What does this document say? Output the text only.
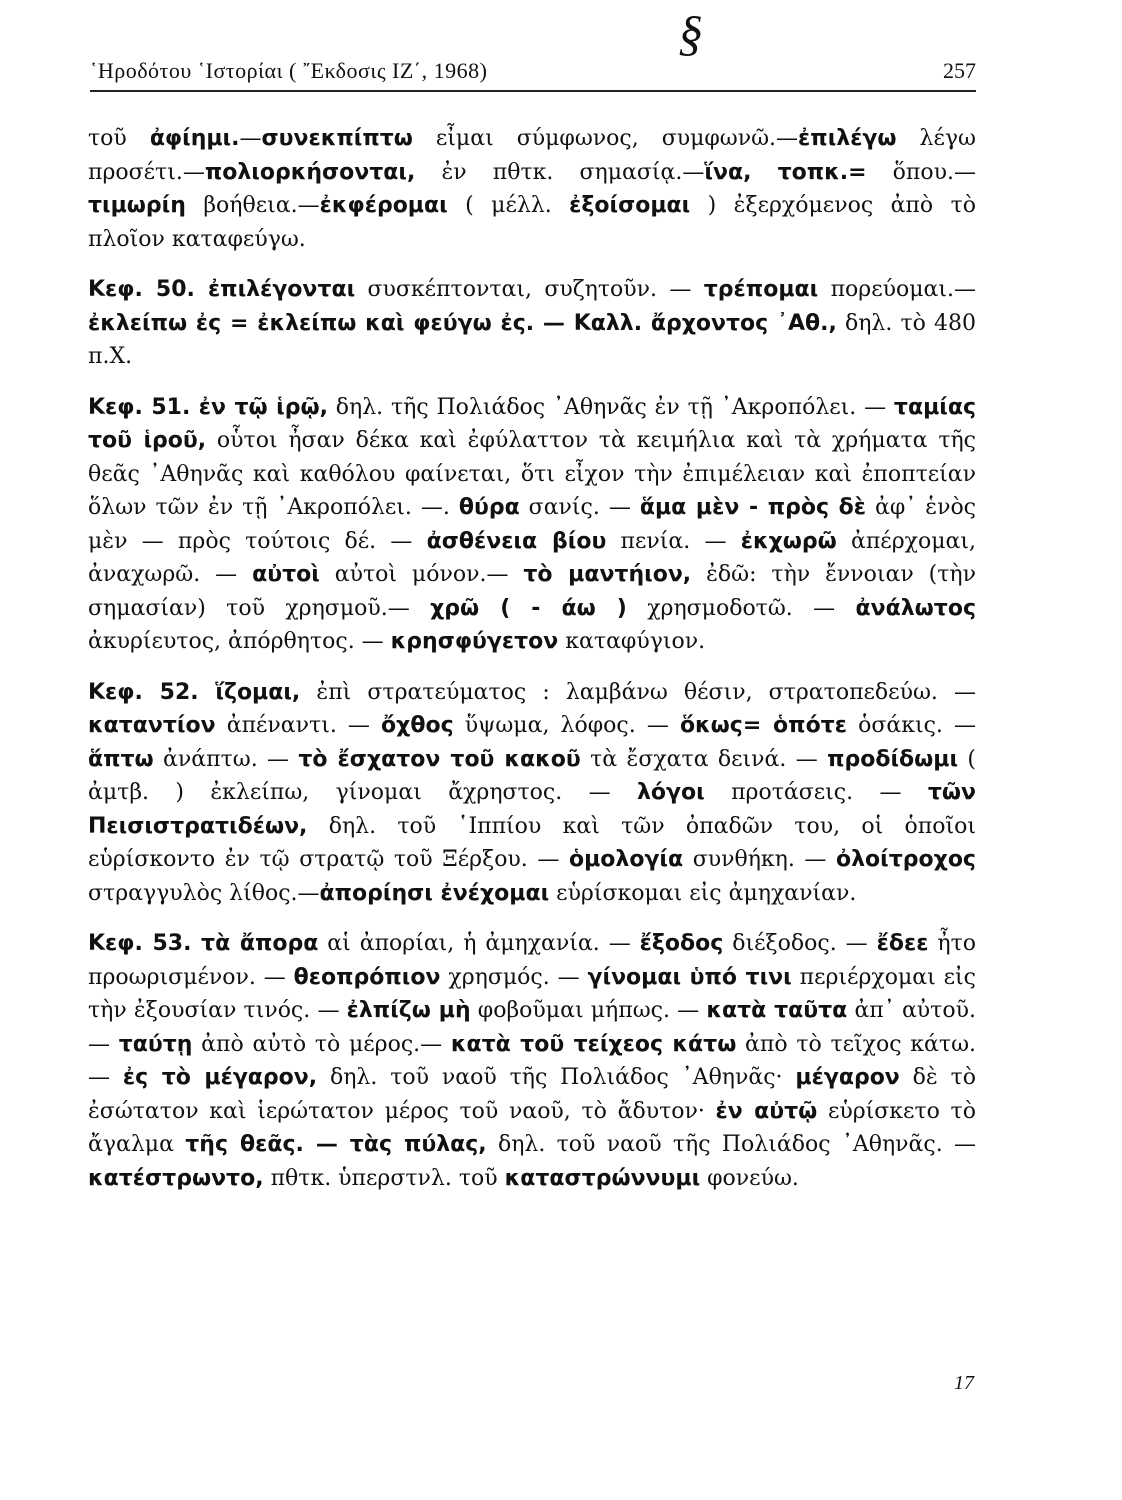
῾Ηροδότου ῾Ιστορίαι ( ῎Εκδοσις ΙΖ΄, 1968)
§
257

τοῦ ἀφίημι.—συνεκπίπτω εἶμαι σύμφωνος, συμφωνῶ.—ἐπιλέγω λέγω προσέτι.—πολιορκήσονται, ἐν πθτκ. σημασίᾳ.—ἵνα, τοπκ.= ὅπου.—τιμωρίη βοήθεια.—ἐκφέρομαι ( μέλλ. ἐξοίσομαι ) ἐξερχόμενος ἀπὸ τὸ πλοῖον καταφεύγω.

Κεφ. 50. ἐπιλέγονται συσκέπτονται, συζητοῦν. — τρέπομαι πορεύομαι.— ἐκλείπω ἐς = ἐκλείπω καὶ φεύγω ἐς. — Καλλ. ἄρχοντος ᾿Αθ., δηλ. τὸ 480 π.Χ.

Κεφ. 51. ἐν τῷ ἱρῷ, δηλ. τῆς Πολιάδος ᾿Αθηνᾶς ἐν τῇ ᾿Ακροπόλει. — ταμίας τοῦ ἱροῦ, οὗτοι ἦσαν δέκα καὶ ἐφύλαττον τὰ κειμήλια καὶ τὰ χρήματα τῆς θεᾶς ᾿Αθηνᾶς καὶ καθόλου φαίνεται, ὅτι εἶχον τὴν ἐπιμέλειαν καὶ ἐποπτείαν ὅλων τῶν ἐν τῇ ᾿Ακροπόλει. —. θύρα σανίς. — ἅμα μὲν - πρὸς δὲ ἀφ᾿ ἑνὸς μὲν — πρὸς τούτοις δέ. — ἀσθένεια βίου πενία. — ἐκχωρῶ ἀπέρχομαι, ἀναχωρῶ. — αὐτοὶ αὐτοὶ μόνον.— τὸ μαντήιον, ἐδῶ: τὴν ἔννοιαν (τὴν σημασίαν) τοῦ χρησμοῦ.— χρῶ ( - άω ) χρησμοδοτῶ. — ἀνάλωτος ἀκυρίευτος, ἀπόρθητος. — κρησφύγετον καταφύγιον.

Κεφ. 52. ἵζομαι, ἐπὶ στρατεύματος : λαμβάνω θέσιν, στρατοπεδεύω. — καταντίον ἀπέναντι. — ὄχθος ὕψωμα, λόφος. — ὅκως= ὁπότε ὁσάκις. — ἅπτω ἀνάπτω. — τὸ ἔσχατον τοῦ κακοῦ τὰ ἔσχατα δεινά. — προδίδωμι ( ἀμτβ. ) ἐκλείπω, γίνομαι ἄχρηστος. — λόγοι προτάσεις. — τῶν Πεισιστρατιδέων, δηλ. τοῦ ῾Ιππίου καὶ τῶν ὀπαδῶν του, οἱ ὁποῖοι εὑρίσκοντο ἐν τῷ στρατῷ τοῦ Ξέρξου. — ὁμολογία συνθήκη. — ὀλοίτροχος στραγγυλὸς λίθος.—ἀπορίησι ἐνέχομαι εὑρίσκομαι εἰς ἀμηχανίαν.

Κεφ. 53. τὰ ἄπορα αἱ ἀπορίαι, ἡ ἀμηχανία. — ἔξοδος διέξοδος. — ἔδεε ἦτο προωρισμένον. — θεοπρόπιον χρησμός. — γίνομαι ὑπό τινι περιέρχομαι εἰς τὴν ἐξουσίαν τινός. — ἐλπίζω μὴ φοβοῦμαι μήπως. — κατὰ ταῦτα ἀπ᾿ αὐτοῦ. — ταύτῃ ἀπὸ αὐτὸ τὸ μέρος.— κατὰ τοῦ τείχεος κάτω ἀπὸ τὸ τεῖχος κάτω. — ἐς τὸ μέγαρον, δηλ. τοῦ ναοῦ τῆς Πολιάδος ᾿Αθηνᾶς· μέγαρον δὲ τὸ ἐσώτατον καὶ ἱερώτατον μέρος τοῦ ναοῦ, τὸ ἄδυτον· ἐν αὐτῷ εὑρίσκετο τὸ ἄγαλμα τῆς θεᾶς. — τὰς πύλας, δηλ. τοῦ ναοῦ τῆς Πολιάδος ᾿Αθηνᾶς. — κατέστρωντο, πθτκ. ὑπερστνλ. τοῦ καταστρώννυμι φονεύω.

17
